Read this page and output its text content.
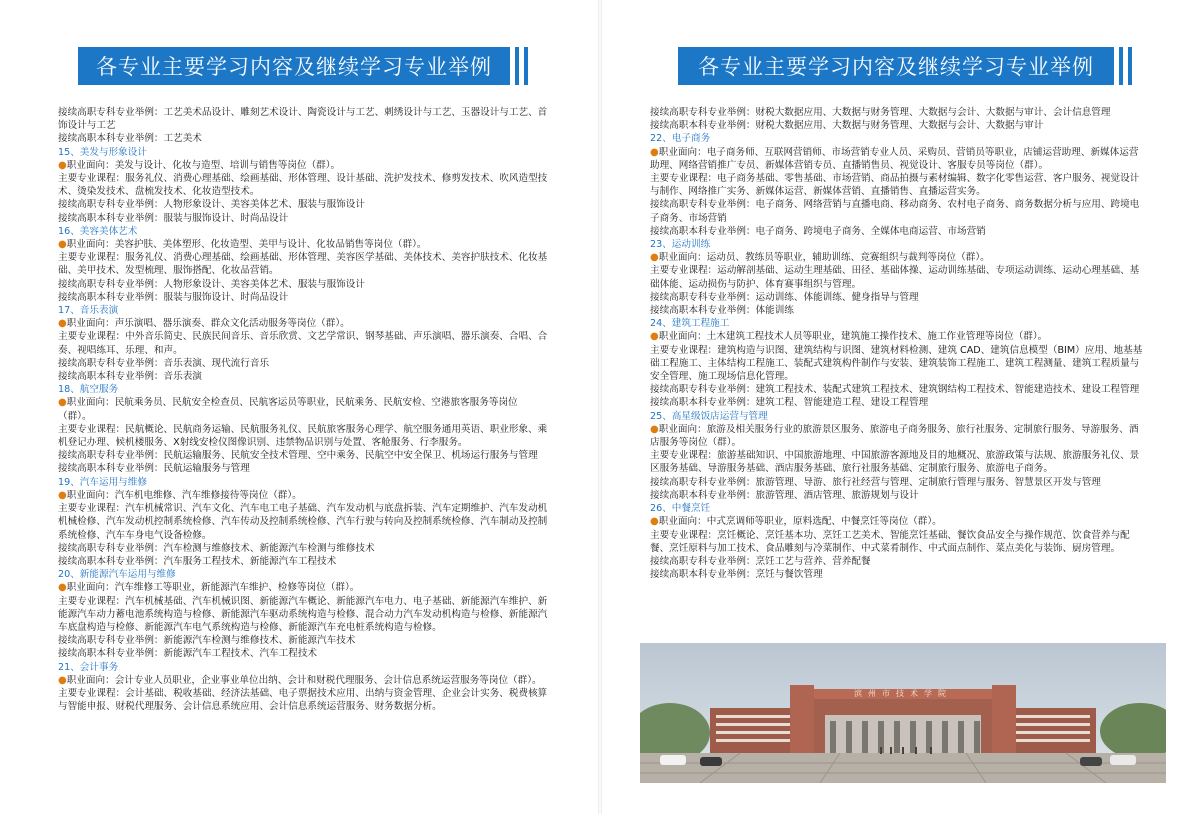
各专业主要学习内容及继续学习专业举例

接续高职专科专业举例：工艺美术品设计、雕刻艺术设计、陶瓷设计与工艺、刺绣设计与工艺、玉器设计与工艺、首饰设计与工艺

接续高职本科专业举例：工艺美术

15、美发与形象设计

●职业面向：美发与设计、化妆与造型、培训与销售等岗位（群）。

主要专业课程：服务礼仪、消费心理基础、绘画基础、形体管理、设计基础、洗护发技术、修剪发技术、吹风造型技术、烫染发技术、盘梳发技术、化妆造型技术。

接续高职专科专业举例：人物形象设计、美容美体艺术、服装与服饰设计

接续高职本科专业举例：服装与服饰设计、时尚品设计

16、美容美体艺术

●职业面向：美容护肤、美体塑形、化妆造型、美甲与设计、化妆品销售等岗位（群）。

主要专业课程：服务礼仪、消费心理基础、绘画基础、形体管理、美容医学基础、美体技术、美容护肤技术、化妆基础、美甲技术、发型梳理、服饰搭配、化妆品营销。

接续高职专科专业举例：人物形象设计、美容美体艺术、服装与服饰设计

接续高职本科专业举例：服装与服饰设计、时尚品设计

17、音乐表演

●职业面向：声乐演唱、器乐演奏、群众文化活动服务等岗位（群）。

主要专业课程：中外音乐简史、民族民间音乐、音乐欣赏、文艺学常识、钢琴基础、声乐演唱、器乐演奏、合唱、合奏、视唱练耳、乐理、和声。

接续高职专科专业举例：音乐表演、现代流行音乐

接续高职本科专业举例：音乐表演

18、航空服务

●职业面向：民航乘务员、民航安全检查员、民航客运员等职业，民航乘务、民航安检、空港旅客服务等岗位（群）。

主要专业课程：民航概论、民航商务运输、民航服务礼仪、民航旅客服务心理学、航空服务通用英语、职业形象、乘机登记办理、候机楼服务、X射线安检仪图像识别、违禁物品识别与处置、客舱服务、行李服务。

接续高职专科专业举例：民航运输服务、民航安全技术管理、空中乘务、民航空中安全保卫、机场运行服务与管理

接续高职本科专业举例：民航运输服务与管理

19、汽车运用与维修

●职业面向：汽车机电维修、汽车维修接待等岗位（群）。

主要专业课程：汽车机械常识、汽车文化、汽车电工电子基础、汽车发动机与底盘拆装、汽车定期维护、汽车发动机机械检修、汽车发动机控制系统检修、汽车传动及控制系统检修、汽车行驶与转向及控制系统检修、汽车制动及控制系统检修、汽车车身电气设备检修。

接续高职专科专业举例：汽车检测与维修技术、新能源汽车检测与维修技术

接续高职本科专业举例：汽车服务工程技术、新能源汽车工程技术

20、新能源汽车运用与维修

●职业面向：汽车维修工等职业，新能源汽车维护、检修等岗位（群）。

主要专业课程：汽车机械基础、汽车机械识图、新能源汽车概论、新能源汽车电力、电子基础、新能源汽车维护、新能源汽车动力蓄电池系统构造与检修、新能源汽车驱动系统构造与检修、混合动力汽车发动机构造与检修、新能源汽车底盘构造与检修、新能源汽车电气系统构造与检修、新能源汽车充电桩系统构造与检修。

接续高职专科专业举例：新能源汽车检测与维修技术、新能源汽车技术

接续高职本科专业举例：新能源汽车工程技术、汽车工程技术

21、会计事务

●职业面向：会计专业人员职业，企业事业单位出纳、会计和财税代理服务、会计信息系统运营服务等岗位（群）。

主要专业课程：会计基础、税收基础、经济法基础、电子票据技术应用、出纳与资金管理、企业会计实务、税费核算与智能申报、财税代理服务、会计信息系统应用、会计信息系统运营服务、财务数据分析。

各专业主要学习内容及继续学习专业举例

接续高职专科专业举例：财税大数据应用、大数据与财务管理、大数据与会计、大数据与审计、会计信息管理

接续高职本科专业举例：财税大数据应用、大数据与财务管理、大数据与会计、大数据与审计

22、电子商务

●职业面向：电子商务师、互联网营销师、市场营销专业人员、采购员、营销员等职业，店铺运营助理、新媒体运营助理、网络营销推广专员、新媒体营销专员、直播销售员、视觉设计、客服专员等岗位（群）。

主要专业课程：电子商务基础、零售基础、市场营销、商品拍摄与素材编辑、数字化零售运营、客户服务、视觉设计与制作、网络推广实务、新媒体运营、新媒体营销、直播销售、直播运营实务。

接续高职专科专业举例：电子商务、网络营销与直播电商、移动商务、农村电子商务、商务数据分析与应用、跨境电子商务、市场营销

接续高职本科专业举例：电子商务、跨境电子商务、全媒体电商运营、市场营销

23、运动训练

●职业面向：运动员、教练员等职业，辅助训练、竞赛组织与裁判等岗位（群）。

主要专业课程：运动解剖基础、运动生理基础、田径、基础体操、运动训练基础、专项运动训练、运动心理基础、基础体能、运动损伤与防护、体育赛事组织与管理。

接续高职专科专业举例：运动训练、体能训练、健身指导与管理

接续高职本科专业举例：体能训练

24、建筑工程施工

●职业面向：土木建筑工程技术人员等职业，建筑施工操作技术、施工作业管理等岗位（群）。

主要专业课程：建筑构造与识图、建筑结构与识图、建筑材料检测、建筑 CAD、建筑信息模型（BIM）应用、地基基础工程施工、主体结构工程施工、装配式建筑构件制作与安装、建筑装饰工程施工、建筑工程测量、建筑工程质量与安全管理、施工现场信息化管理。

接续高职专科专业举例：建筑工程技术、装配式建筑工程技术、建筑钢结构工程技术、智能建造技术、建设工程管理

接续高职本科专业举例：建筑工程、智能建造工程、建设工程管理

25、高星级饭店运营与管理

●职业面向：旅游及相关服务行业的旅游景区服务、旅游电子商务服务、旅行社服务、定制旅行服务、导游服务、酒店服务等岗位（群）。

主要专业课程：旅游基础知识、中国旅游地理、中国旅游客源地及目的地概况、旅游政策与法规、旅游服务礼仪、景区服务基础、导游服务基础、酒店服务基础、旅行社服务基础、定制旅行服务、旅游电子商务。

接续高职专科专业举例：旅游管理、导游、旅行社经营与管理、定制旅行管理与服务、智慧景区开发与管理

接续高职本科专业举例：旅游管理、酒店管理、旅游规划与设计

26、中餐烹饪

●职业面向：中式烹调师等职业，原料选配、中餐烹饪等岗位（群）。

主要专业课程：烹饪概论、烹饪基本功、烹饪工艺美术、智能烹饪基础、餐饮食品安全与操作规范、饮食营养与配餐、烹饪原料与加工技术、食品雕刻与冷菜制作、中式菜肴制作、中式面点制作、菜点美化与装饰、厨房管理。

接续高职专科专业举例：烹饪工艺与营养、营养配餐

接续高职本科专业举例：烹饪与餐饮管理

滨州市技术学院
